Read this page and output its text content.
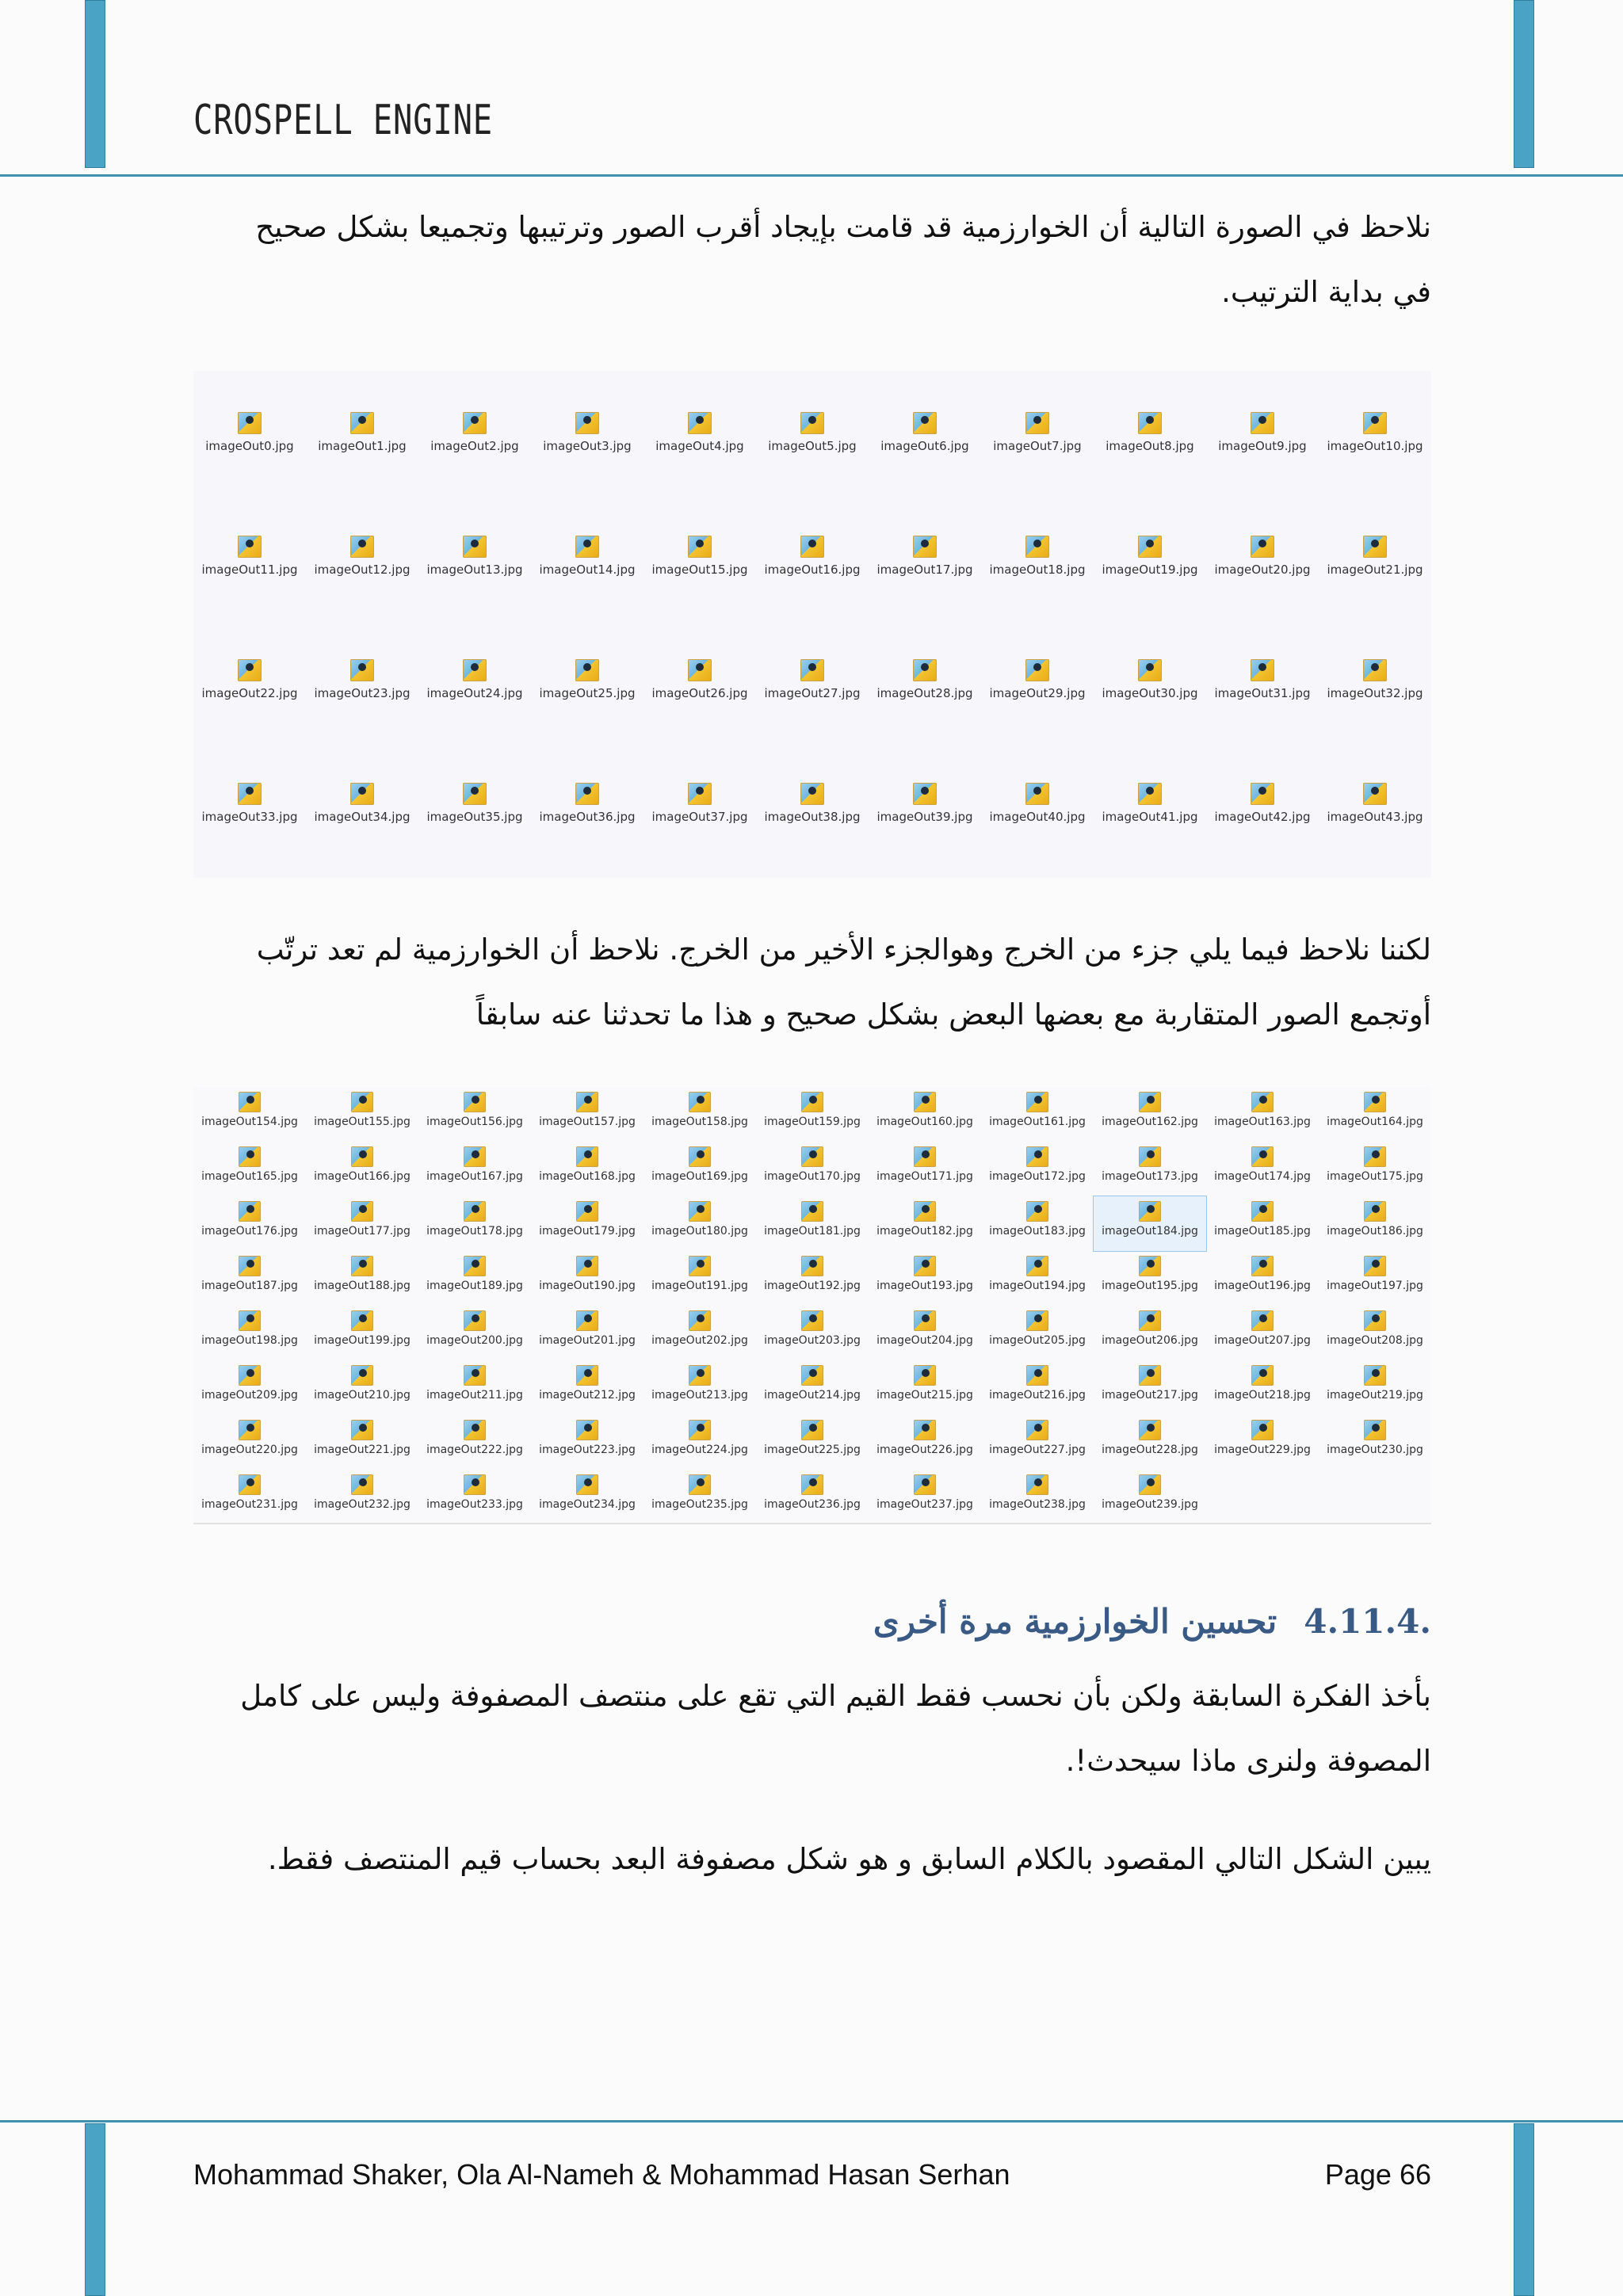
CROSPELL ENGINE
نلاحظ في الصورة التالية أن الخوارزمية قد قامت بإيجاد أقرب الصور وترتيبها وتجميعا بشكل صحيح
في بداية الترتيب.
imageOut0.jpg imageOut1.jpg imageOut2.jpg imageOut3.jpg imageOut4.jpg imageOut5.jpg imageOut6.jpg imageOut7.jpg imageOut8.jpg imageOut9.jpg imageOut10.jpg
imageOut11.jpg imageOut12.jpg imageOut13.jpg imageOut14.jpg imageOut15.jpg imageOut16.jpg imageOut17.jpg imageOut18.jpg imageOut19.jpg imageOut20.jpg imageOut21.jpg
imageOut22.jpg imageOut23.jpg imageOut24.jpg imageOut25.jpg imageOut26.jpg imageOut27.jpg imageOut28.jpg imageOut29.jpg imageOut30.jpg imageOut31.jpg imageOut32.jpg
imageOut33.jpg imageOut34.jpg imageOut35.jpg imageOut36.jpg imageOut37.jpg imageOut38.jpg imageOut39.jpg imageOut40.jpg imageOut41.jpg imageOut42.jpg imageOut43.jpg
لكننا نلاحظ فيما يلي جزء من الخرج وهوالجزء الأخير من الخرج. نلاحظ أن الخوارزمية لم تعد ترتّب
أوتجمع الصور المتقاربة مع بعضها البعض بشكل صحيح و هذا ما تحدثنا عنه سابقاً
imageOut154.jpg imageOut155.jpg imageOut156.jpg imageOut157.jpg imageOut158.jpg imageOut159.jpg imageOut160.jpg imageOut161.jpg imageOut162.jpg imageOut163.jpg imageOut164.jpg
imageOut165.jpg imageOut166.jpg imageOut167.jpg imageOut168.jpg imageOut169.jpg imageOut170.jpg imageOut171.jpg imageOut172.jpg imageOut173.jpg imageOut174.jpg imageOut175.jpg
imageOut176.jpg imageOut177.jpg imageOut178.jpg imageOut179.jpg imageOut180.jpg imageOut181.jpg imageOut182.jpg imageOut183.jpg imageOut184.jpg imageOut185.jpg imageOut186.jpg
imageOut187.jpg imageOut188.jpg imageOut189.jpg imageOut190.jpg imageOut191.jpg imageOut192.jpg imageOut193.jpg imageOut194.jpg imageOut195.jpg imageOut196.jpg imageOut197.jpg
imageOut198.jpg imageOut199.jpg imageOut200.jpg imageOut201.jpg imageOut202.jpg imageOut203.jpg imageOut204.jpg imageOut205.jpg imageOut206.jpg imageOut207.jpg imageOut208.jpg
imageOut209.jpg imageOut210.jpg imageOut211.jpg imageOut212.jpg imageOut213.jpg imageOut214.jpg imageOut215.jpg imageOut216.jpg imageOut217.jpg imageOut218.jpg imageOut219.jpg
imageOut220.jpg imageOut221.jpg imageOut222.jpg imageOut223.jpg imageOut224.jpg imageOut225.jpg imageOut226.jpg imageOut227.jpg imageOut228.jpg imageOut229.jpg imageOut230.jpg
imageOut231.jpg imageOut232.jpg imageOut233.jpg imageOut234.jpg imageOut235.jpg imageOut236.jpg imageOut237.jpg imageOut238.jpg imageOut239.jpg
.4.11.4تحسين الخوارزمية مرة أخرى
بأخذ الفكرة السابقة ولكن بأن نحسب فقط القيم التي تقع على منتصف المصفوفة وليس على كامل
المصوفة ولنرى ماذا سيحدث!.
يبين الشكل التالي المقصود بالكلام السابق و هو شكل مصفوفة البعد بحساب قيم المنتصف فقط.
Mohammad Shaker, Ola Al-Nameh & Mohammad Hasan Serhan	Page 66
